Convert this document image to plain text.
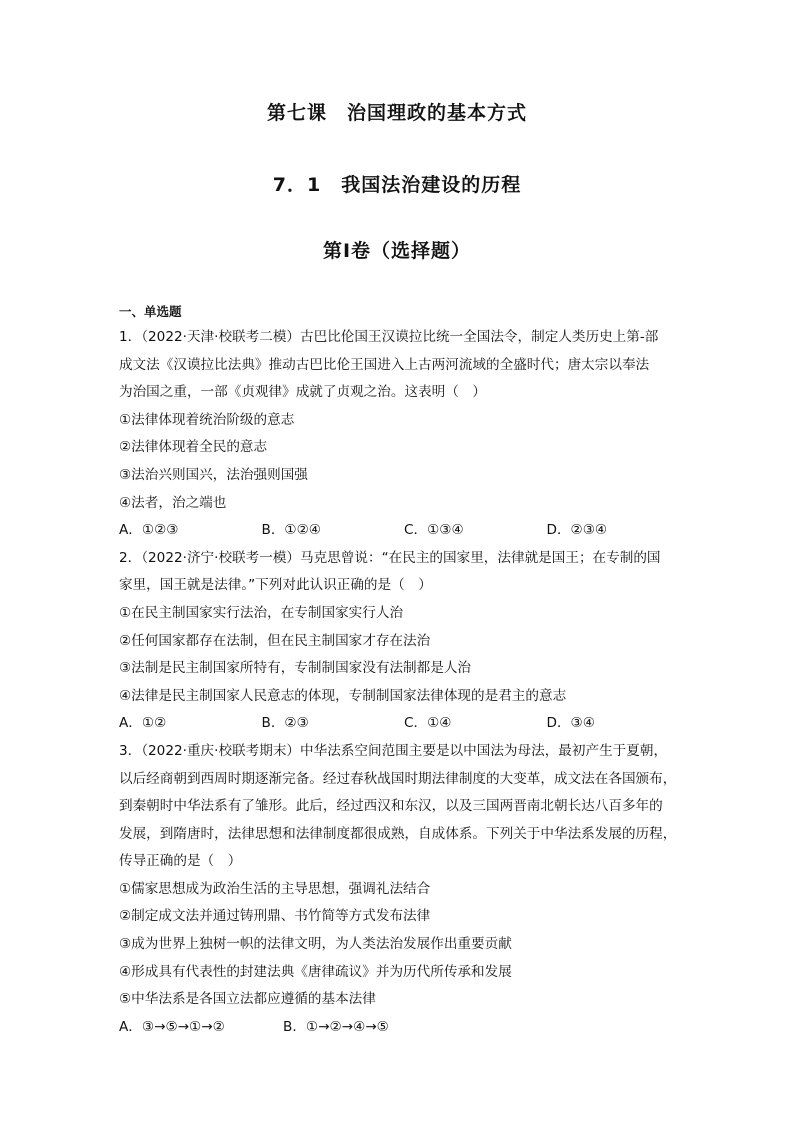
第七课　治国理政的基本方式
7．1　我国法治建设的历程
第I卷（选择题）
一、单选题
1．（2022·天津·校联考二模）古巴比伦国王汉谟拉比统一全国法令，制定人类历史上第-部
成文法《汉谟拉比法典》推动古巴比伦王国进入上古两河流域的全盛时代；唐太宗以奉法
为治国之重，一部《贞观律》成就了贞观之治。这表明（　）
①法律体现着统治阶级的意志
②法律体现着全民的意志
③法治兴则国兴，法治强则国强
④法者，治之端也
A．①②③	B．①②④	C．①③④	D．②③④
2．（2022·济宁·校联考一模）马克思曾说：“在民主的国家里，法律就是国王；在专制的国
家里，国王就是法律。”下列对此认识正确的是（　）
①在民主制国家实行法治，在专制国家实行人治
②任何国家都存在法制，但在民主制国家才存在法治
③法制是民主制国家所特有，专制制国家没有法制都是人治
④法律是民主制国家人民意志的体现，专制制国家法律体现的是君主的意志
A．①②	B．②③	C．①④	D．③④
3．（2022·重庆·校联考期末）中华法系空间范围主要是以中国法为母法，最初产生于夏朝，
以后经商朝到西周时期逐渐完备。经过春秋战国时期法律制度的大变革，成文法在各国颁布，
到秦朝时中华法系有了雏形。此后，经过西汉和东汉，以及三国两晋南北朝长达八百多年的
发展，到隋唐时，法律思想和法律制度都很成熟，自成体系。下列关于中华法系发展的历程，
传导正确的是（　）
①儒家思想成为政治生活的主导思想，强调礼法结合
②制定成文法并通过铸刑鼎、书竹简等方式发布法律
③成为世界上独树一帜的法律文明，为人类法治发展作出重要贡献
④形成具有代表性的封建法典《唐律疏议》并为历代所传承和发展
⑤中华法系是各国立法都应遵循的基本法律
A．③→⑤→①→②	B．①→②→④→⑤
